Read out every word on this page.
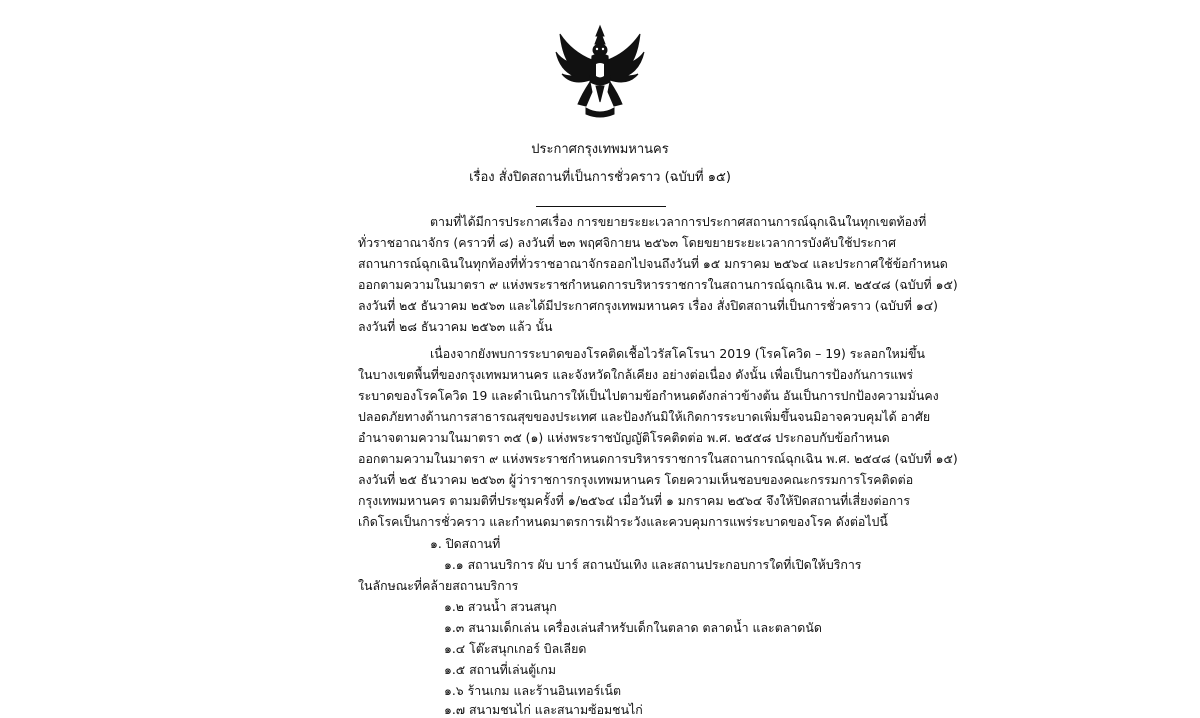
ประกาศกรุงเทพมหานคร
เรื่อง สั่งปิดสถานที่เป็นการชั่วคราว (ฉบับที่ ๑๕)
ตามที่ได้มีการประกาศเรื่อง การขยายระยะเวลาการประกาศสถานการณ์ฉุกเฉินในทุกเขตท้องที่
ทั่วราชอาณาจักร (คราวที่ ๘) ลงวันที่ ๒๓ พฤศจิกายน ๒๕๖๓ โดยขยายระยะเวลาการบังคับใช้ประกาศ
สถานการณ์ฉุกเฉินในทุกท้องที่ทั่วราชอาณาจักรออกไปจนถึงวันที่ ๑๕ มกราคม ๒๕๖๔ และประกาศใช้ข้อกำหนด
ออกตามความในมาตรา ๙ แห่งพระราชกำหนดการบริหารราชการในสถานการณ์ฉุกเฉิน พ.ศ. ๒๕๔๘ (ฉบับที่ ๑๕)
ลงวันที่ ๒๕ ธันวาคม ๒๕๖๓ และได้มีประกาศกรุงเทพมหานคร เรื่อง สั่งปิดสถานที่เป็นการชั่วคราว (ฉบับที่ ๑๔)
ลงวันที่ ๒๘ ธันวาคม ๒๕๖๓ แล้ว นั้น
เนื่องจากยังพบการระบาดของโรคติดเชื้อไวรัสโคโรนา 2019 (โรคโควิด – 19) ระลอกใหม่ขึ้น
ในบางเขตพื้นที่ของกรุงเทพมหานคร และจังหวัดใกล้เคียง อย่างต่อเนื่อง ดังนั้น เพื่อเป็นการป้องกันการแพร่
ระบาดของโรคโควิด 19 และดำเนินการให้เป็นไปตามข้อกำหนดดังกล่าวข้างต้น อันเป็นการปกป้องความมั่นคง
ปลอดภัยทางด้านการสาธารณสุขของประเทศ และป้องกันมิให้เกิดการระบาดเพิ่มขึ้นจนมิอาจควบคุมได้ อาศัย
อำนาจตามความในมาตรา ๓๕ (๑) แห่งพระราชบัญญัติโรคติดต่อ พ.ศ. ๒๕๕๘ ประกอบกับข้อกำหนด
ออกตามความในมาตรา ๙ แห่งพระราชกำหนดการบริหารราชการในสถานการณ์ฉุกเฉิน พ.ศ. ๒๕๔๘ (ฉบับที่ ๑๕)
ลงวันที่ ๒๕ ธันวาคม ๒๕๖๓ ผู้ว่าราชการกรุงเทพมหานคร โดยความเห็นชอบของคณะกรรมการโรคติดต่อ
กรุงเทพมหานคร ตามมติที่ประชุมครั้งที่ ๑/๒๕๖๔ เมื่อวันที่ ๑ มกราคม ๒๕๖๔ จึงให้ปิดสถานที่เสี่ยงต่อการ
เกิดโรคเป็นการชั่วคราว และกำหนดมาตรการเฝ้าระวังและควบคุมการแพร่ระบาดของโรค ดังต่อไปนี้
๑. ปิดสถานที่
๑.๑ สถานบริการ ผับ บาร์ สถานบันเทิง และสถานประกอบการใดที่เปิดให้บริการ
ในลักษณะที่คล้ายสถานบริการ
๑.๒ สวนน้ำ สวนสนุก
๑.๓ สนามเด็กเล่น เครื่องเล่นสำหรับเด็กในตลาด ตลาดน้ำ และตลาดนัด
๑.๔ โต๊ะสนุกเกอร์ บิลเลียด
๑.๕ สถานที่เล่นตู้เกม
๑.๖ ร้านเกม และร้านอินเทอร์เน็ต
๑.๗ สนามชนไก่ และสนามซ้อมชนไก่
